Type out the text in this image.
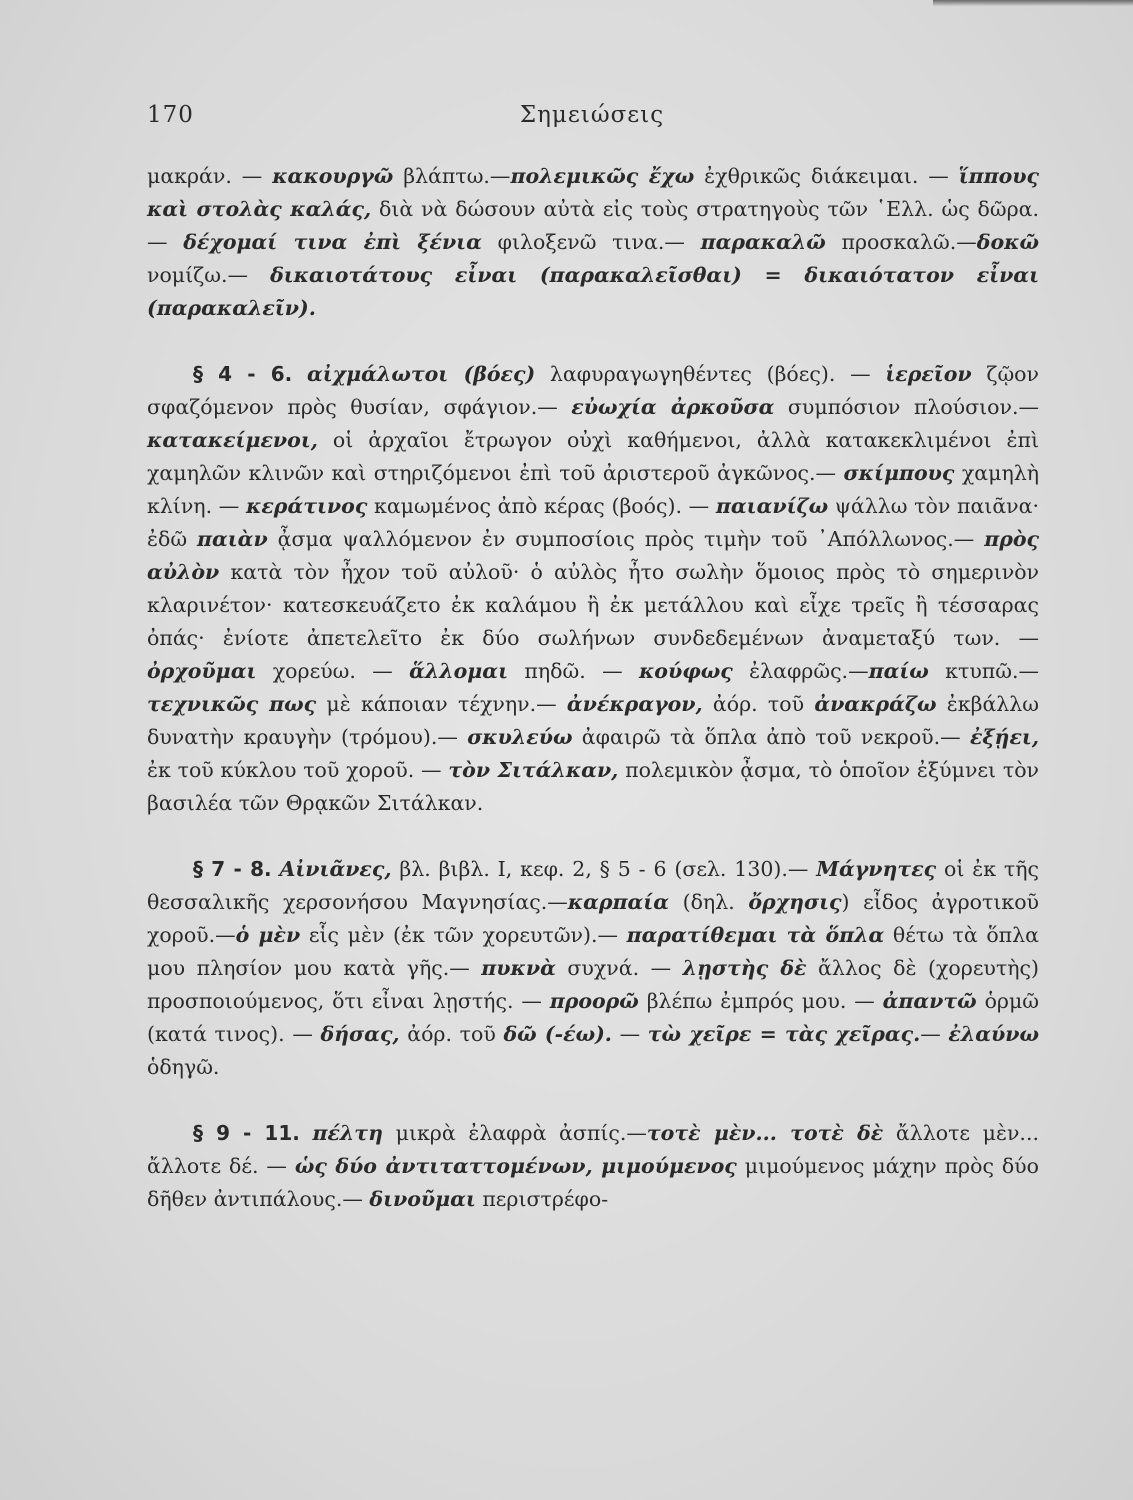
170	Σημειώσεις

μακράν. — κακουργῶ βλάπτω.—πολεμικῶς ἔχω ἐχθρικῶς διάκειμαι. — ἵππους καὶ στολὰς καλάς, διὰ νὰ δώσουν αὐτὰ εἰς τοὺς στρατηγοὺς τῶν ῾Ελλ. ὡς δῶρα.— δέχομαί τινα ἐπὶ ξένια φιλοξενῶ τινα.— παρακαλῶ προσκαλῶ.—δοκῶ νομίζω.— δικαιοτάτους εἶναι (παρακαλεῖσθαι) = δικαιότατον εἶναι (παρακαλεῖν).

§ 4 - 6. αἰχμάλωτοι (βόες) λαφυραγωγηθέντες (βόες). — ἱερεῖον ζῷον σφαζόμενον πρὸς θυσίαν, σφάγιον.— εὐωχία ἀρκοῦσα συμπόσιον πλούσιον.—κατακείμενοι, οἱ ἀρχαῖοι ἔτρωγον οὐχὶ καθήμενοι, ἀλλὰ κατακεκλιμένοι ἐπὶ χαμηλῶν κλινῶν καὶ στηριζόμενοι ἐπὶ τοῦ ἀριστεροῦ ἀγκῶνος.— σκίμπους χαμηλὴ κλίνη. — κεράτινος καμωμένος ἀπὸ κέρας (βοός). — παιανίζω ψάλλω τὸν παιᾶνα· ἐδῶ παιὰν ᾆσμα ψαλλόμενον ἐν συμποσίοις πρὸς τιμὴν τοῦ ᾿Απόλλωνος.— πρὸς αὐλὸν κατὰ τὸν ἦχον τοῦ αὐλοῦ· ὁ αὐλὸς ἦτο σωλὴν ὅμοιος πρὸς τὸ σημερινὸν κλαρινέτον· κατεσκευάζετο ἐκ καλάμου ἢ ἐκ μετάλλου καὶ εἶχε τρεῖς ἢ τέσσαρας ὀπάς· ἐνίοτε ἀπετελεῖτο ἐκ δύο σωλήνων συνδεδεμένων ἀναμεταξύ των. — ὀρχοῦμαι χορεύω. — ἅλλομαι πηδῶ. — κούφως ἐλαφρῶς.—παίω κτυπῶ.— τεχνικῶς πως μὲ κάποιαν τέχνην.— ἀνέκραγον, ἀόρ. τοῦ ἀνακράζω ἐκβάλλω δυνατὴν κραυγὴν (τρόμου).— σκυλεύω ἀφαιρῶ τὰ ὅπλα ἀπὸ τοῦ νεκροῦ.— ἐξῄει, ἐκ τοῦ κύκλου τοῦ χοροῦ. — τὸν Σιτάλκαν, πολεμικὸν ᾆσμα, τὸ ὁποῖον ἐξύμνει τὸν βασιλέα τῶν Θρᾳκῶν Σιτάλκαν.

§ 7 - 8. Αἰνιᾶνες, βλ. βιβλ. I, κεφ. 2, § 5 - 6 (σελ. 130).— Μάγνητες οἱ ἐκ τῆς θεσσαλικῆς χερσονήσου Μαγνησίας.—καρπαία (δηλ. ὄρχησις) εἶδος ἀγροτικοῦ χοροῦ.—ὁ μὲν εἷς μὲν (ἐκ τῶν χορευτῶν).— παρατίθεμαι τὰ ὅπλα θέτω τὰ ὅπλα μου πλησίον μου κατὰ γῆς.— πυκνὰ συχνά. — λῃστὴς δὲ ἄλλος δὲ (χορευτὴς) προσποιούμενος, ὅτι εἶναι λῃστής. — προορῶ βλέπω ἐμπρός μου. — ἀπαντῶ ὁρμῶ (κατά τινος). — δήσας, ἀόρ. τοῦ δῶ (-έω). — τὼ χεῖρε = τὰς χεῖρας.— ἐλαύνω ὁδηγῶ.

§ 9 - 11. πέλτη μικρὰ ἐλαφρὰ ἀσπίς.—τοτὲ μὲν... τοτὲ δὲ ἄλλοτε μὲν... ἄλλοτε δέ. — ὡς δύο ἀντιταττομένων, μιμούμενος μιμούμενος μάχην πρὸς δύο δῆθεν ἀντιπάλους.— δινοῦμαι περιστρέφο-
